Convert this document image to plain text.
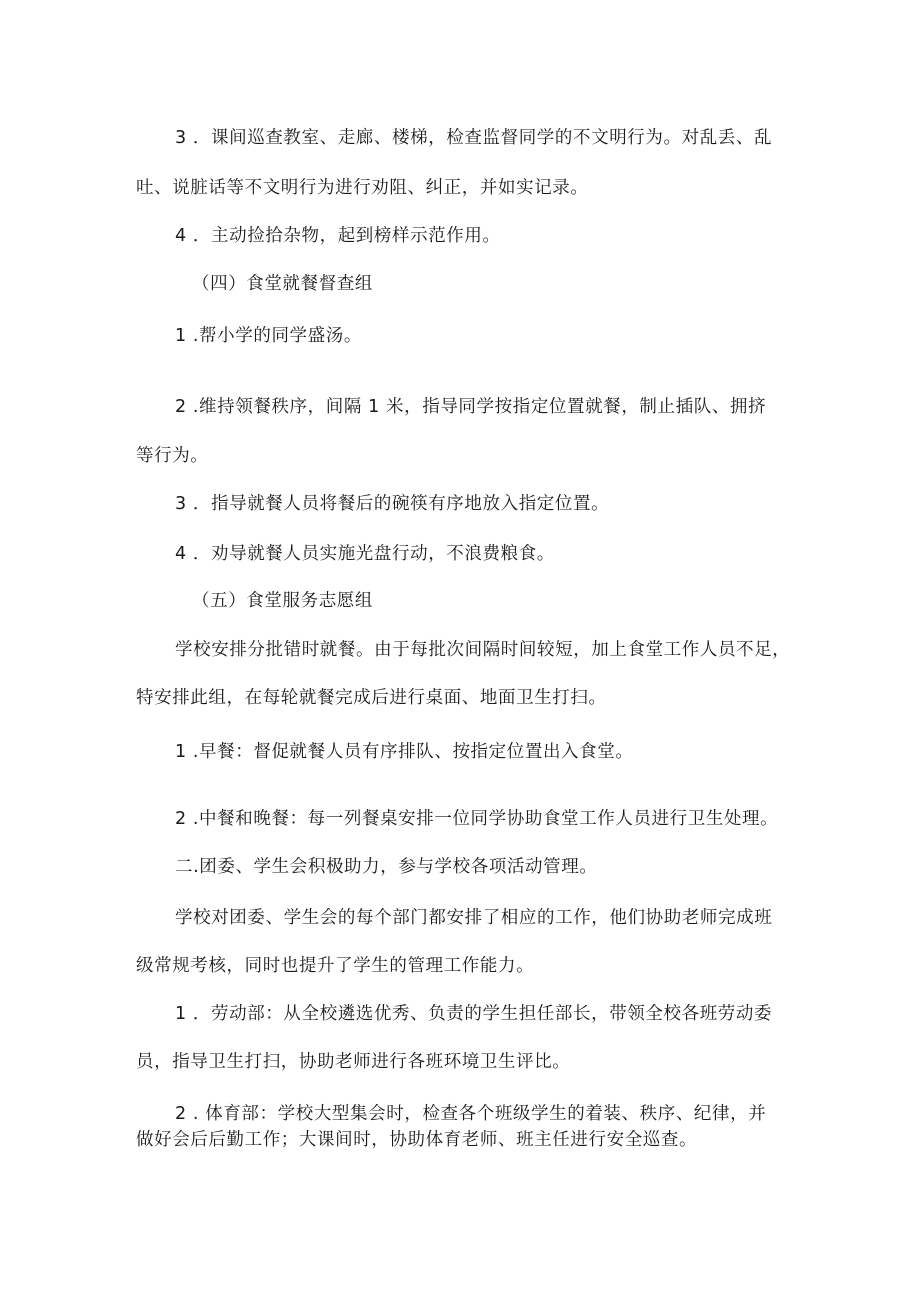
3 ．课间巡查教室、走廊、楼梯，检查监督同学的不文明行为。对乱丢、乱
吐、说脏话等不文明行为进行劝阻、纠正，并如实记录。
4 ．主动捡拾杂物，起到榜样示范作用。
（四）食堂就餐督查组
1 .帮小学的同学盛汤。
2 .维持领餐秩序，间隔 1 米，指导同学按指定位置就餐，制止插队、拥挤
等行为。
3 ．指导就餐人员将餐后的碗筷有序地放入指定位置。
4 ．劝导就餐人员实施光盘行动，不浪费粮食。
（五）食堂服务志愿组
学校安排分批错时就餐。由于每批次间隔时间较短，加上食堂工作人员不足，
特安排此组，在每轮就餐完成后进行桌面、地面卫生打扫。
1 .早餐：督促就餐人员有序排队、按指定位置出入食堂。
2 .中餐和晚餐：每一列餐桌安排一位同学协助食堂工作人员进行卫生处理。
二.团委、学生会积极助力，参与学校各项活动管理。
学校对团委、学生会的每个部门都安排了相应的工作，他们协助老师完成班
级常规考核，同时也提升了学生的管理工作能力。
1 ．劳动部：从全校遴选优秀、负责的学生担任部长，带领全校各班劳动委
员，指导卫生打扫，协助老师进行各班环境卫生评比。
2 . 体育部：学校大型集会时，检查各个班级学生的着装、秩序、纪律，并
做好会后后勤工作；大课间时，协助体育老师、班主任进行安全巡查。
